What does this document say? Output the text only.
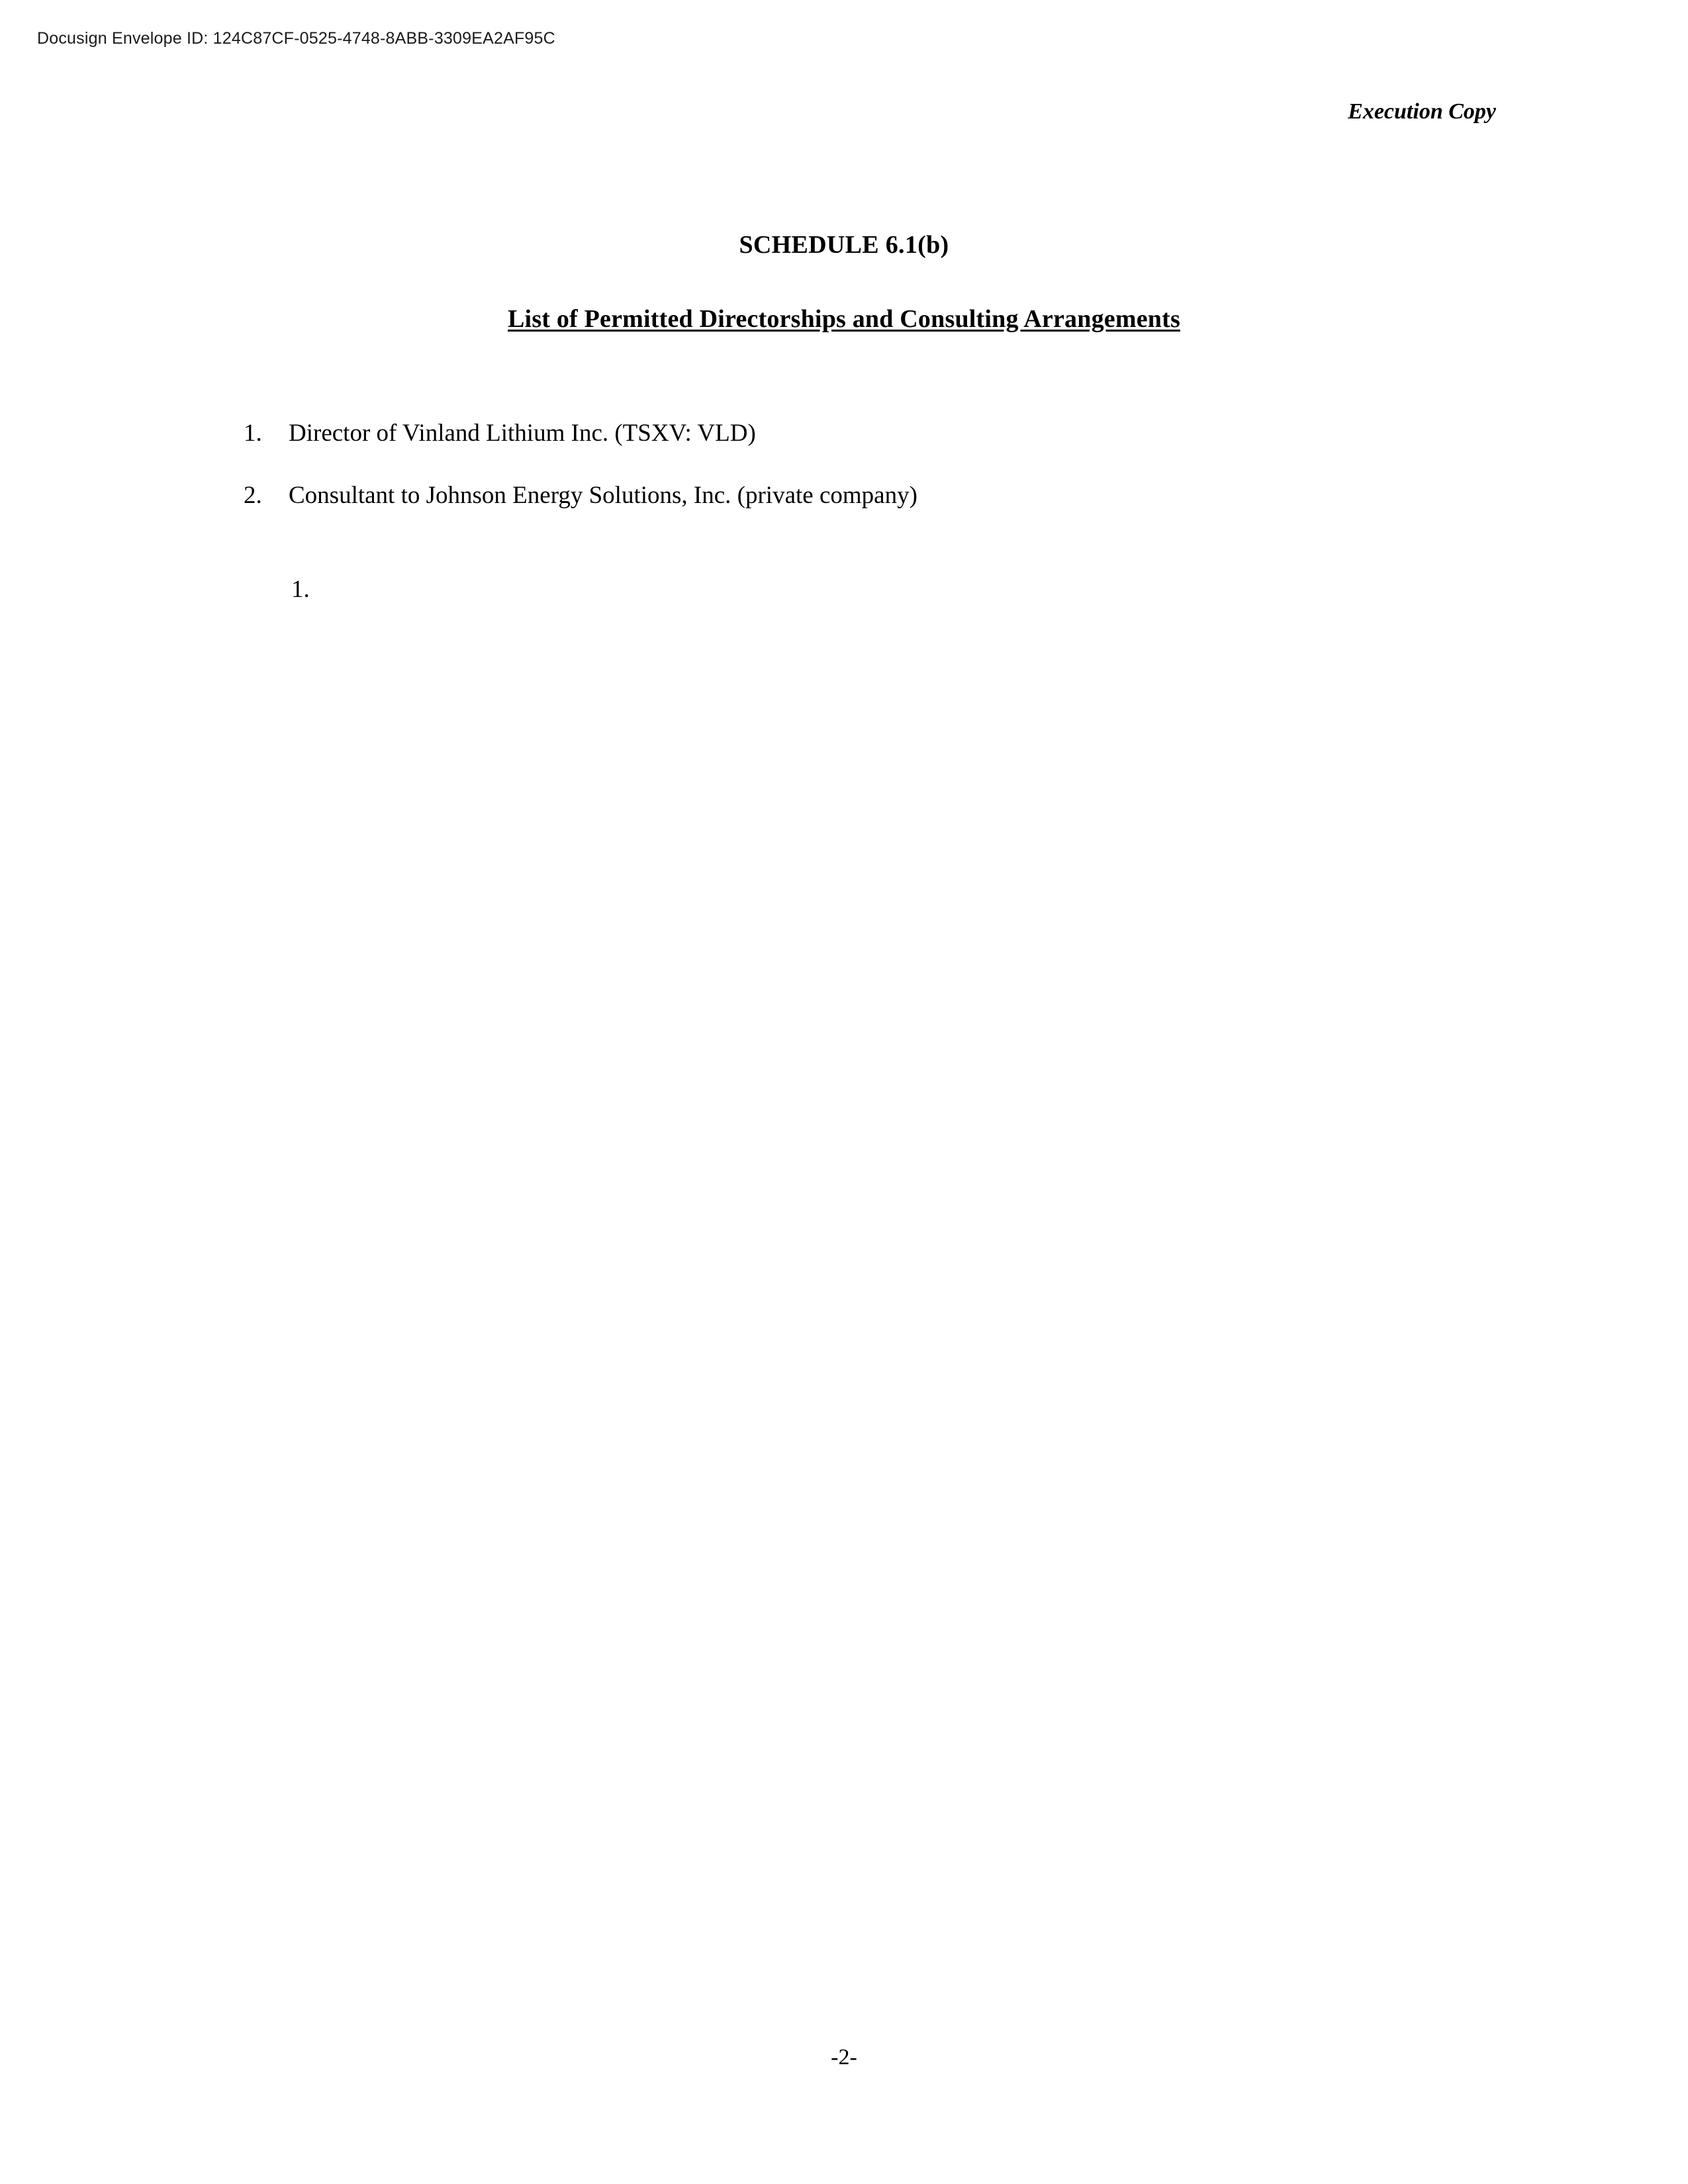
Docusign Envelope ID: 124C87CF-0525-4748-8ABB-3309EA2AF95C
Execution Copy
SCHEDULE 6.1(b)
List of Permitted Directorships and Consulting Arrangements
1.	Director of Vinland Lithium Inc. (TSXV: VLD)
2.	Consultant to Johnson Energy Solutions, Inc. (private company)
1.
-2-
